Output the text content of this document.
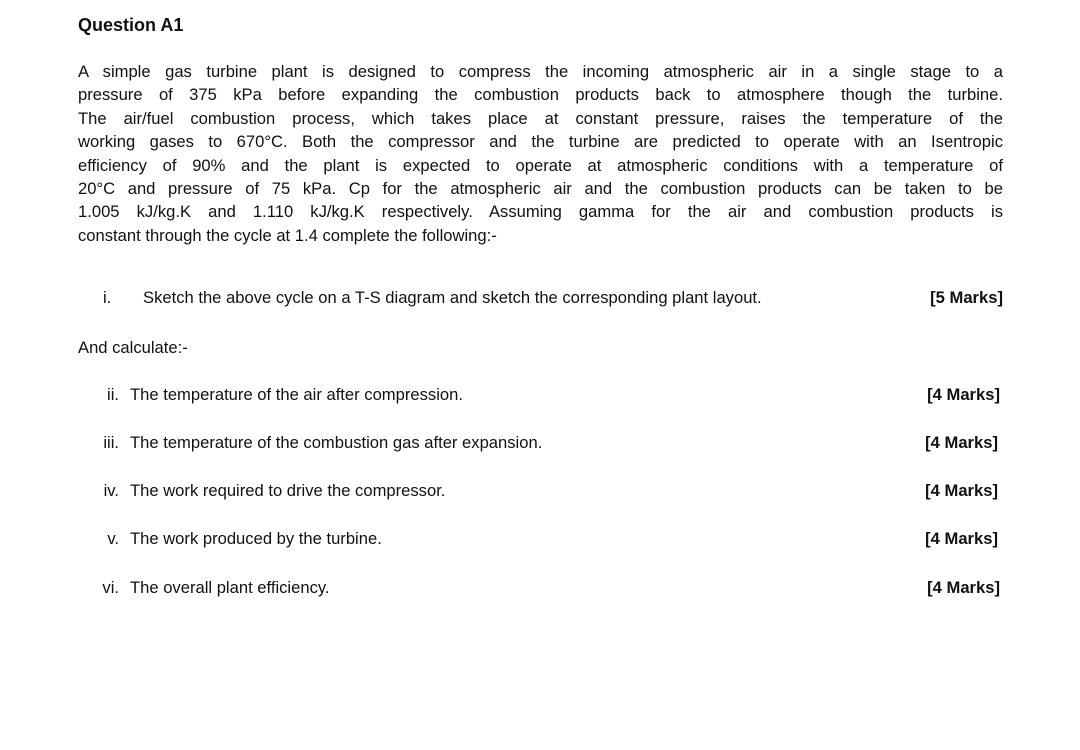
Question A1
A simple gas turbine plant is designed to compress the incoming atmospheric air in a single stage to a
pressure of 375 kPa before expanding the combustion products back to atmosphere though the turbine.
The air/fuel combustion process, which takes place at constant pressure, raises the temperature of the
working gases to 670°C. Both the compressor and the turbine are predicted to operate with an Isentropic
efficiency of 90% and the plant is expected to operate at atmospheric conditions with a temperature of
20°C and pressure of 75 kPa. Cp for the atmospheric air and the combustion products can be taken to be
1.005 kJ/kg.K and 1.110 kJ/kg.K respectively. Assuming gamma for the air and combustion products is
constant through the cycle at 1.4 complete the following:-
i. Sketch the above cycle on a T-S diagram and sketch the corresponding plant layout.	[5 Marks]
And calculate:-
ii. The temperature of the air after compression.	[4 Marks]
iii. The temperature of the combustion gas after expansion.	[4 Marks]
iv. The work required to drive the compressor.	[4 Marks]
v. The work produced by the turbine.	[4 Marks]
vi. The overall plant efficiency.	[4 Marks]
